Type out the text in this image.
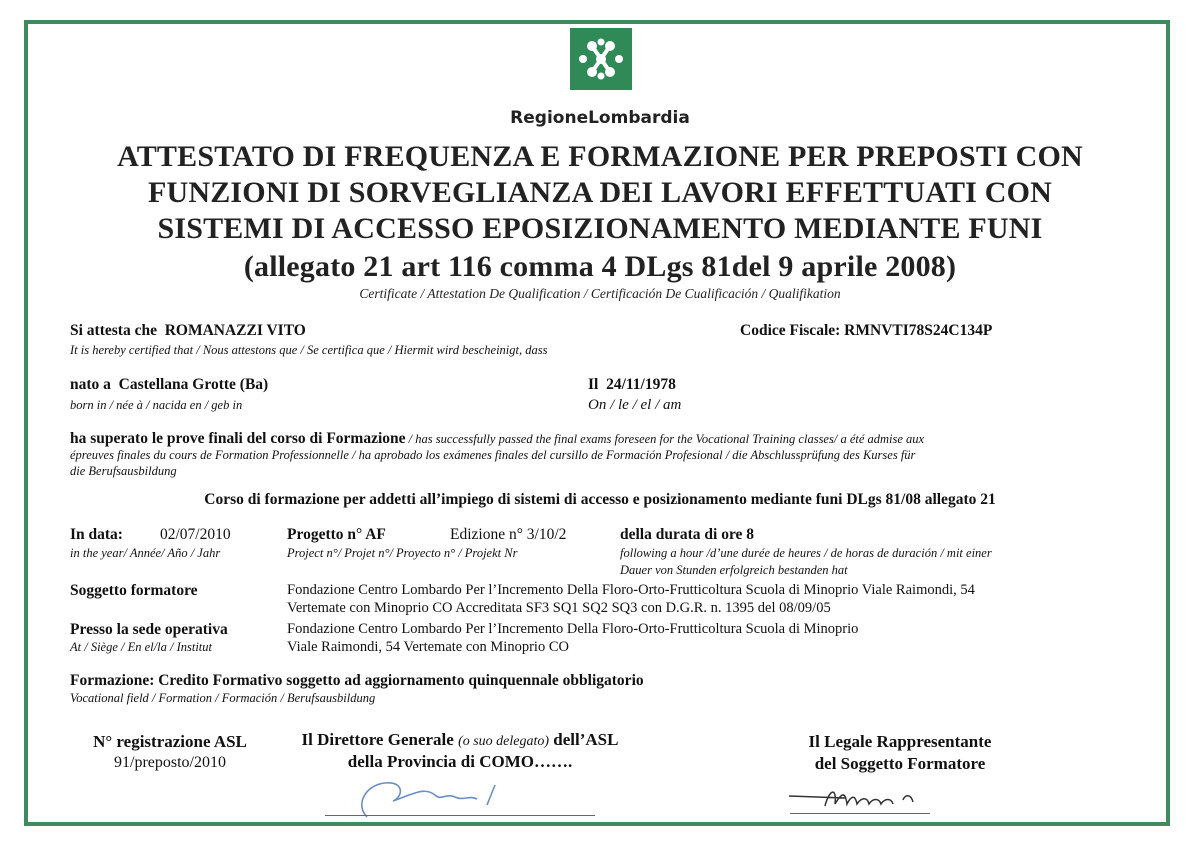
RegioneLombardia
ATTESTATO DI FREQUENZA E FORMAZIONE PER PREPOSTI CON
FUNZIONI DI SORVEGLIANZA DEI LAVORI EFFETTUATI CON
SISTEMI DI ACCESSO EPOSIZIONAMENTO MEDIANTE FUNI
(allegato 21 art 116 comma 4 DLgs 81del 9 aprile 2008)
Certificate / Attestation De Qualification / Certificación De Cualificación / Qualifikation
Si attesta che ROMANAZZI VITO
It is hereby certified that / Nous attestons que / Se certifica que / Hiermit wird bescheinigt, dass
Codice Fiscale: RMNVTI78S24C134P
nato a Castellana Grotte (Ba)
born in / née à / nacida en / geb in
Il 24/11/1978
On / le / el / am
ha superato le prove finali del corso di Formazione / has successfully passed the final exams foreseen for the Vocational Training classes/ a été admise aux
épreuves finales du cours de Formation Professionnelle / ha aprobado los exámenes finales del cursillo de Formación Profesional / die Abschlussprüfung des Kurses für
die Berufsausbildung
Corso di formazione per addetti all’impiego di sistemi di accesso e posizionamento mediante funi DLgs 81/08 allegato 21
In data: 02/07/2010
in the year/ Année/ Año / Jahr
Progetto n° AF	Edizione n° 3/10/2
Project n°/ Projet n°/ Proyecto n° / Projekt Nr
della durata di ore 8
following a hour /d’une durée de heures / de horas de duración / mit einer
Dauer von Stunden erfolgreich bestanden hat
Soggetto formatore	Fondazione Centro Lombardo Per l’Incremento Della Floro-Orto-Frutticoltura Scuola di Minoprio Viale Raimondi, 54
Vertemate con Minoprio CO Accreditata SF3 SQ1 SQ2 SQ3 con D.G.R. n. 1395 del 08/09/05
Presso la sede operativa
At / Siège / En el/la / Institut
Fondazione Centro Lombardo Per l’Incremento Della Floro-Orto-Frutticoltura Scuola di Minoprio
Viale Raimondi, 54 Vertemate con Minoprio CO
Formazione: Credito Formativo soggetto ad aggiornamento quinquennale obbligatorio
Vocational field / Formation / Formación / Berufsausbildung
N° registrazione ASL
91/preposto/2010
Il Direttore Generale (o suo delegato) dell’ASL
della Provincia di COMO…….
Il Legale Rappresentante
del Soggetto Formatore
